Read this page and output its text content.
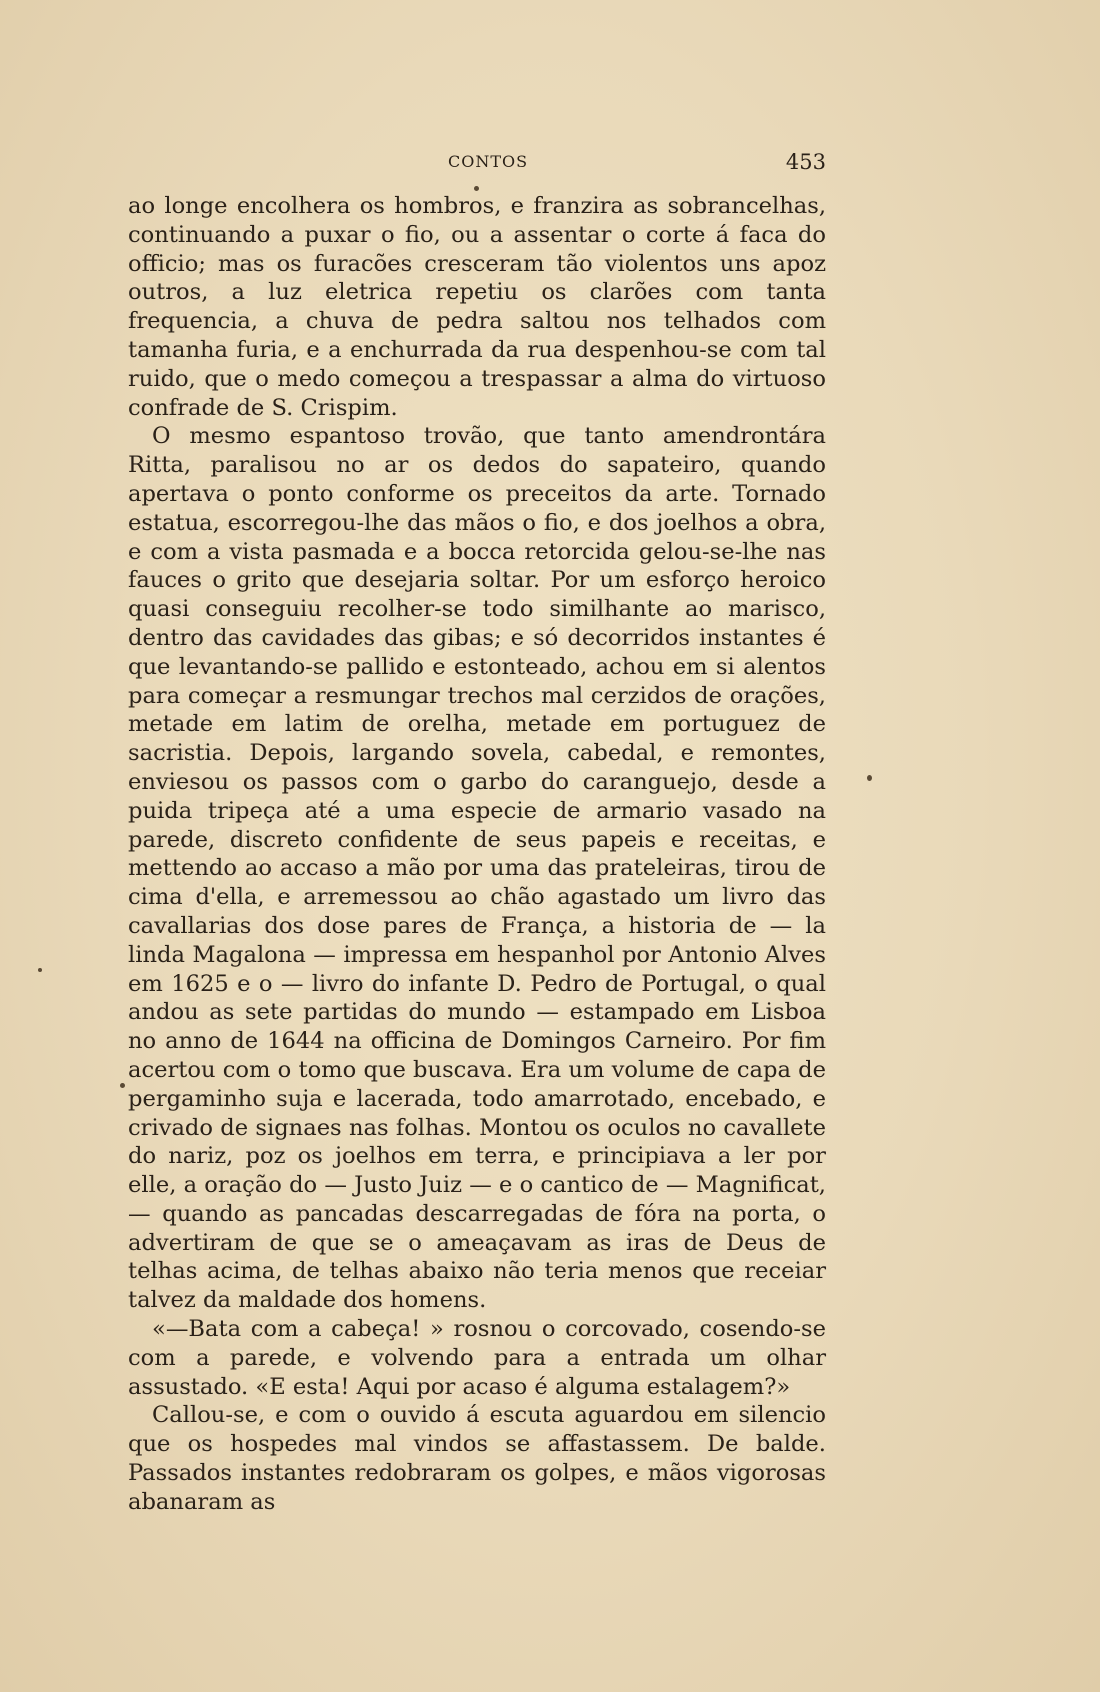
CONTOS	453

ao longe encolhera os hombros, e franzira as sobrancelhas, continuando a puxar o fio, ou a assentar o corte á faca do officio; mas os furacões cresceram tão violentos uns apoz outros, a luz eletrica repetiu os clarões com tanta frequencia, a chuva de pedra saltou nos telhados com tamanha furia, e a enchurrada da rua despenhou-se com tal ruido, que o medo começou a trespassar a alma do virtuoso confrade de S. Crispim.

O mesmo espantoso trovão, que tanto amendrontára Ritta, paralisou no ar os dedos do sapateiro, quando apertava o ponto conforme os preceitos da arte. Tornado estatua, escorregou-lhe das mãos o fio, e dos joelhos a obra, e com a vista pasmada e a bocca retorcida gelou-se-lhe nas fauces o grito que desejaria soltar. Por um esforço heroico quasi conseguiu recolher-se todo similhante ao marisco, dentro das cavidades das gibas; e só decorridos instantes é que levantando-se pallido e estonteado, achou em si alentos para começar a resmungar trechos mal cerzidos de orações, metade em latim de orelha, metade em portuguez de sacristia. Depois, largando sovela, cabedal, e remontes, enviesou os passos com o garbo do caranguejo, desde a puida tripeça até a uma especie de armario vasado na parede, discreto confidente de seus papeis e receitas, e mettendo ao accaso a mão por uma das prateleiras, tirou de cima d'ella, e arremessou ao chão agastado um livro das cavallarias dos dose pares de França, a historia de — la linda Magalona — impressa em hespanhol por Antonio Alves em 1625 e o — livro do infante D. Pedro de Portugal, o qual andou as sete partidas do mundo — estampado em Lisboa no anno de 1644 na officina de Domingos Carneiro. Por fim acertou com o tomo que buscava. Era um volume de capa de pergaminho suja e lacerada, todo amarrotado, encebado, e crivado de signaes nas folhas. Montou os oculos no cavallete do nariz, poz os joelhos em terra, e principiava a ler por elle, a oração do — Justo Juiz — e o cantico de — Magnificat, — quando as pancadas descarregadas de fóra na porta, o advertiram de que se o ameaçavam as iras de Deus de telhas acima, de telhas abaixo não teria menos que receiar talvez da maldade dos homens.

«—Bata com a cabeça! » rosnou o corcovado, cosendo-se com a parede, e volvendo para a entrada um olhar assustado. «E esta! Aqui por acaso é alguma estalagem?»

Callou-se, e com o ouvido á escuta aguardou em silencio que os hospedes mal vindos se affastassem. De balde. Passados instantes redobraram os golpes, e mãos vigorosas abanaram as
